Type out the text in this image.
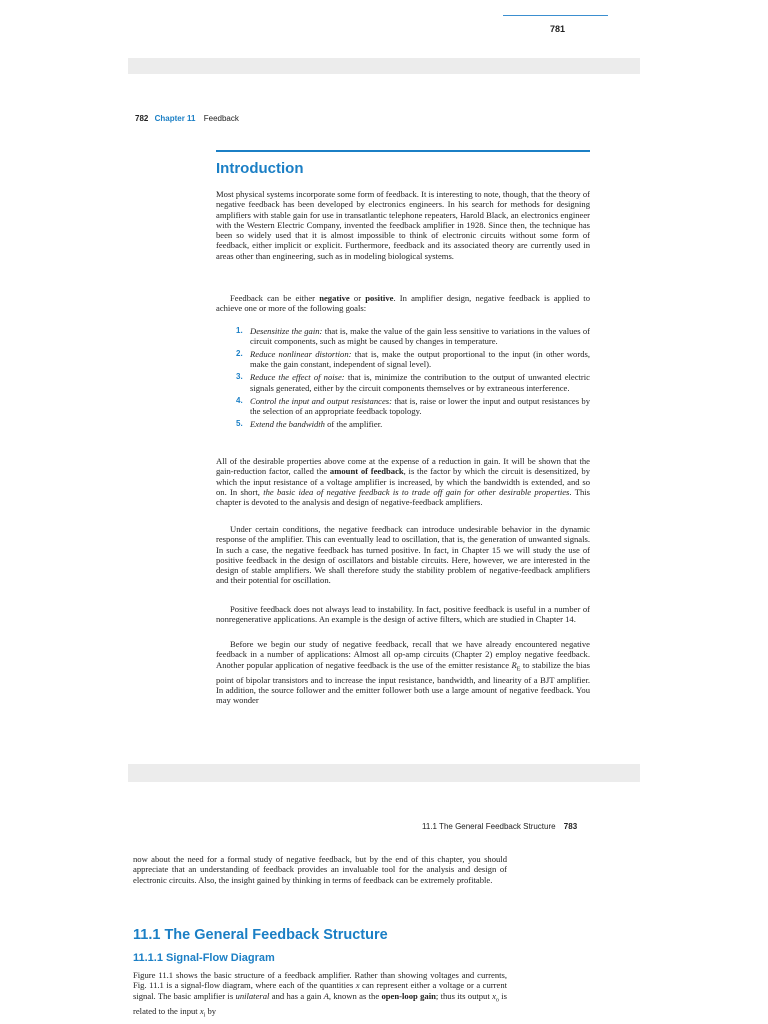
781
782 Chapter 11 Feedback
Introduction

Most physical systems incorporate some form of feedback. It is interesting to note, though, that the theory of negative feedback has been developed by electronics engineers. In his search for methods for designing amplifiers with stable gain for use in transatlantic telephone repeaters, Harold Black, an electronics engineer with the Western Electric Company, invented the feedback amplifier in 1928. Since then, the technique has been so widely used that it is almost impossible to think of electronic circuits without some form of feedback, either implicit or explicit. Furthermore, feedback and its associated theory are currently used in areas other than engineering, such as in modeling biological systems.

Feedback can be either negative or positive. In amplifier design, negative feedback is applied to achieve one or more of the following goals:

1. Desensitize the gain: that is, make the value of the gain less sensitive to variations in the values of circuit components, such as might be caused by changes in temperature.
2. Reduce nonlinear distortion: that is, make the output proportional to the input (in other words, make the gain constant, independent of signal level).
3. Reduce the effect of noise: that is, minimize the contribution to the output of unwanted electric signals generated, either by the circuit components themselves or by extraneous interference.
4. Control the input and output resistances: that is, raise or lower the input and output resistances by the selection of an appropriate feedback topology.
5. Extend the bandwidth of the amplifier.

All of the desirable properties above come at the expense of a reduction in gain. It will be shown that the gain-reduction factor, called the amount of feedback, is the factor by which the circuit is desensitized, by which the input resistance of a voltage amplifier is increased, by which the bandwidth is extended, and so on. In short, the basic idea of negative feedback is to trade off gain for other desirable properties. This chapter is devoted to the analysis and design of negative-feedback amplifiers.

Under certain conditions, the negative feedback can introduce undesirable behavior in the dynamic response of the amplifier. This can eventually lead to oscillation, that is, the generation of unwanted signals. In such a case, the negative feedback has turned positive. In fact, in Chapter 15 we will study the use of positive feedback in the design of oscillators and bistable circuits. Here, however, we are interested in the design of stable amplifiers. We shall therefore study the stability problem of negative-feedback amplifiers and their potential for oscillation.

Positive feedback does not always lead to instability. In fact, positive feedback is useful in a number of nonregenerative applications. An example is the design of active filters, which are studied in Chapter 14.

Before we begin our study of negative feedback, recall that we have already encountered negative feedback in a number of applications: Almost all op-amp circuits (Chapter 2) employ negative feedback. Another popular application of negative feedback is the use of the emitter resistance $R_E$ to stabilize the bias point of bipolar transistors and to increase the input resistance, bandwidth, and linearity of a BJT amplifier. In addition, the source follower and the emitter follower both use a large amount of negative feedback. You may wonder

11.1 The General Feedback Structure 783

now about the need for a formal study of negative feedback, but by the end of this chapter, you should appreciate that an understanding of feedback provides an invaluable tool for the analysis and design of electronic circuits. Also, the insight gained by thinking in terms of feedback can be extremely profitable.

11.1 The General Feedback Structure
11.1.1 Signal-Flow Diagram

Figure 11.1 shows the basic structure of a feedback amplifier. Rather than showing voltages and currents, Fig. 11.1 is a signal-flow diagram, where each of the quantities x can represent either a voltage or a current signal. The basic amplifier is unilateral and has a gain A, known as the open-loop gain; thus its output $x_o$ is related to the input $x_i$ by
